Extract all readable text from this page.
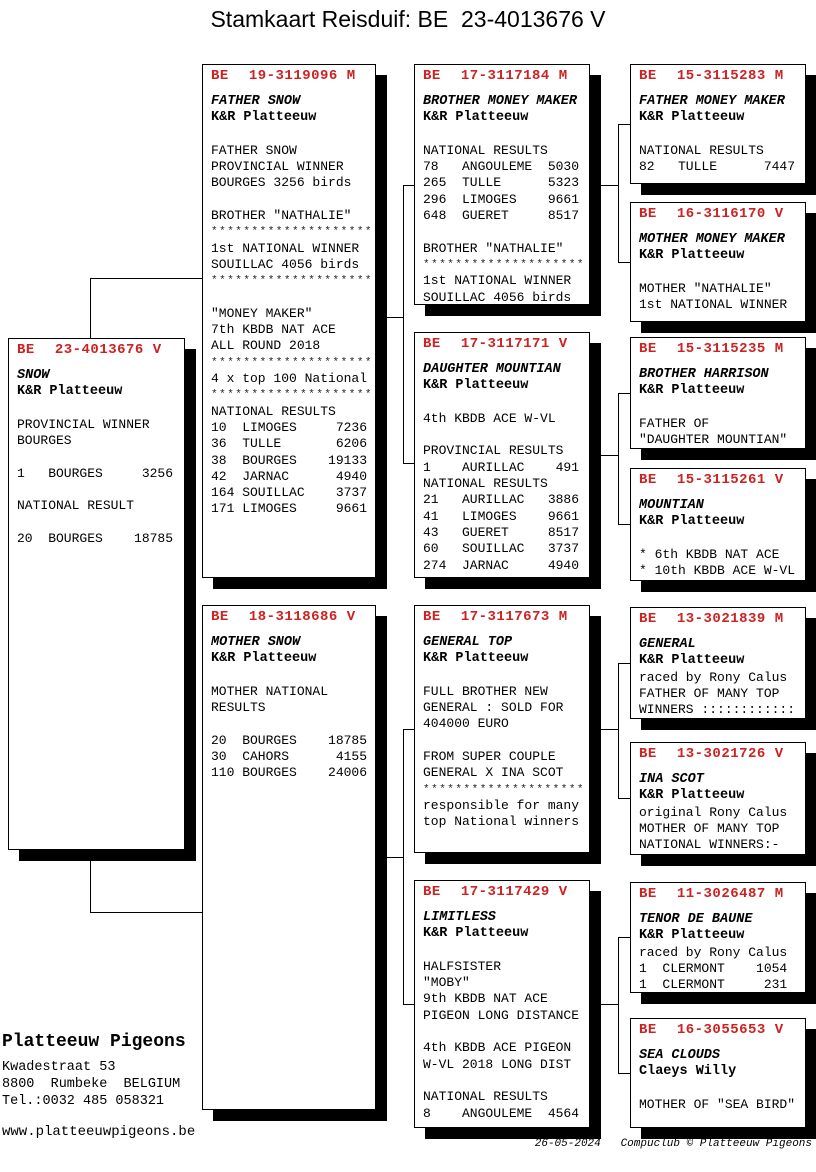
Stamkaart Reisduif: BE  23-4013676 V
BE 23-4013676 V
SNOW
K&R Platteeuw

PROVINCIAL WINNER
BOURGES

1   BOURGES     3256

NATIONAL RESULT

20  BOURGES    18785
BE 19-3119096 M
FATHER SNOW
K&R Platteeuw

FATHER SNOW
PROVINCIAL WINNER
BOURGES 3256 birds

BROTHER "NATHALIE"
********************
1st NATIONAL WINNER
SOUILLAC 4056 birds
********************

"MONEY MAKER"
7th KBDB NAT ACE
ALL ROUND 2018
********************
4 x top 100 National
********************
NATIONAL RESULTS
10  LIMOGES     7236
36  TULLE       6206
38  BOURGES    19133
42  JARNAC      4940
164 SOUILLAC    3737
171 LIMOGES     9661
BE 18-3118686 V
MOTHER SNOW
K&R Platteeuw

MOTHER NATIONAL
RESULTS

20  BOURGES    18785
30  CAHORS      4155
110 BOURGES    24006
BE 17-3117184 M
BROTHER MONEY MAKER
K&R Platteeuw

NATIONAL RESULTS
78   ANGOULEME  5030
265  TULLE      5323
296  LIMOGES    9661
648  GUERET     8517

BROTHER "NATHALIE"
********************
1st NATIONAL WINNER
SOUILLAC 4056 birds
BE 17-3117171 V
DAUGHTER MOUNTIAN
K&R Platteeuw

4th KBDB ACE W-VL

PROVINCIAL RESULTS
1    AURILLAC    491
NATIONAL RESULTS
21   AURILLAC   3886
41   LIMOGES    9661
43   GUERET     8517
60   SOUILLAC   3737
274  JARNAC     4940
BE 17-3117673 M
GENERAL TOP
K&R Platteeuw

FULL BROTHER NEW
GENERAL : SOLD FOR
404000 EURO

FROM SUPER COUPLE
GENERAL X INA SCOT
********************
responsible for many
top National winners
BE 17-3117429 V
LIMITLESS
K&R Platteeuw

HALFSISTER
"MOBY"
9th KBDB NAT ACE
PIGEON LONG DISTANCE

4th KBDB ACE PIGEON
W-VL 2018 LONG DIST

NATIONAL RESULTS
8    ANGOULEME  4564
BE 15-3115283 M
FATHER MONEY MAKER
K&R Platteeuw

NATIONAL RESULTS
82   TULLE      7447
BE 16-3116170 V
MOTHER MONEY MAKER
K&R Platteeuw

MOTHER "NATHALIE"
1st NATIONAL WINNER
BE 15-3115235 M
BROTHER HARRISON
K&R Platteeuw

FATHER OF
"DAUGHTER MOUNTIAN"
BE 15-3115261 V
MOUNTIAN
K&R Platteeuw

* 6th KBDB NAT ACE
* 10th KBDB ACE W-VL
BE 13-3021839 M
GENERAL
K&R Platteeuw
raced by Rony Calus
FATHER OF MANY TOP
WINNERS ::::::::::::
BE 13-3021726 V
INA SCOT
K&R Platteeuw
original Rony Calus
MOTHER OF MANY TOP
NATIONAL WINNERS:-
BE 11-3026487 M
TENOR DE BAUNE
K&R Platteeuw
raced by Rony Calus
1  CLERMONT    1054
1  CLERMONT     231
BE 16-3055653 V
SEA CLOUDS
Claeys Willy

MOTHER OF "SEA BIRD"
Platteeuw Pigeons
Kwadestraat 53
8800  Rumbeke  BELGIUM
Tel.:0032 485 058321
www.platteeuwpigeons.be
26-05-2024   Compuclub © Platteeuw Pigeons
